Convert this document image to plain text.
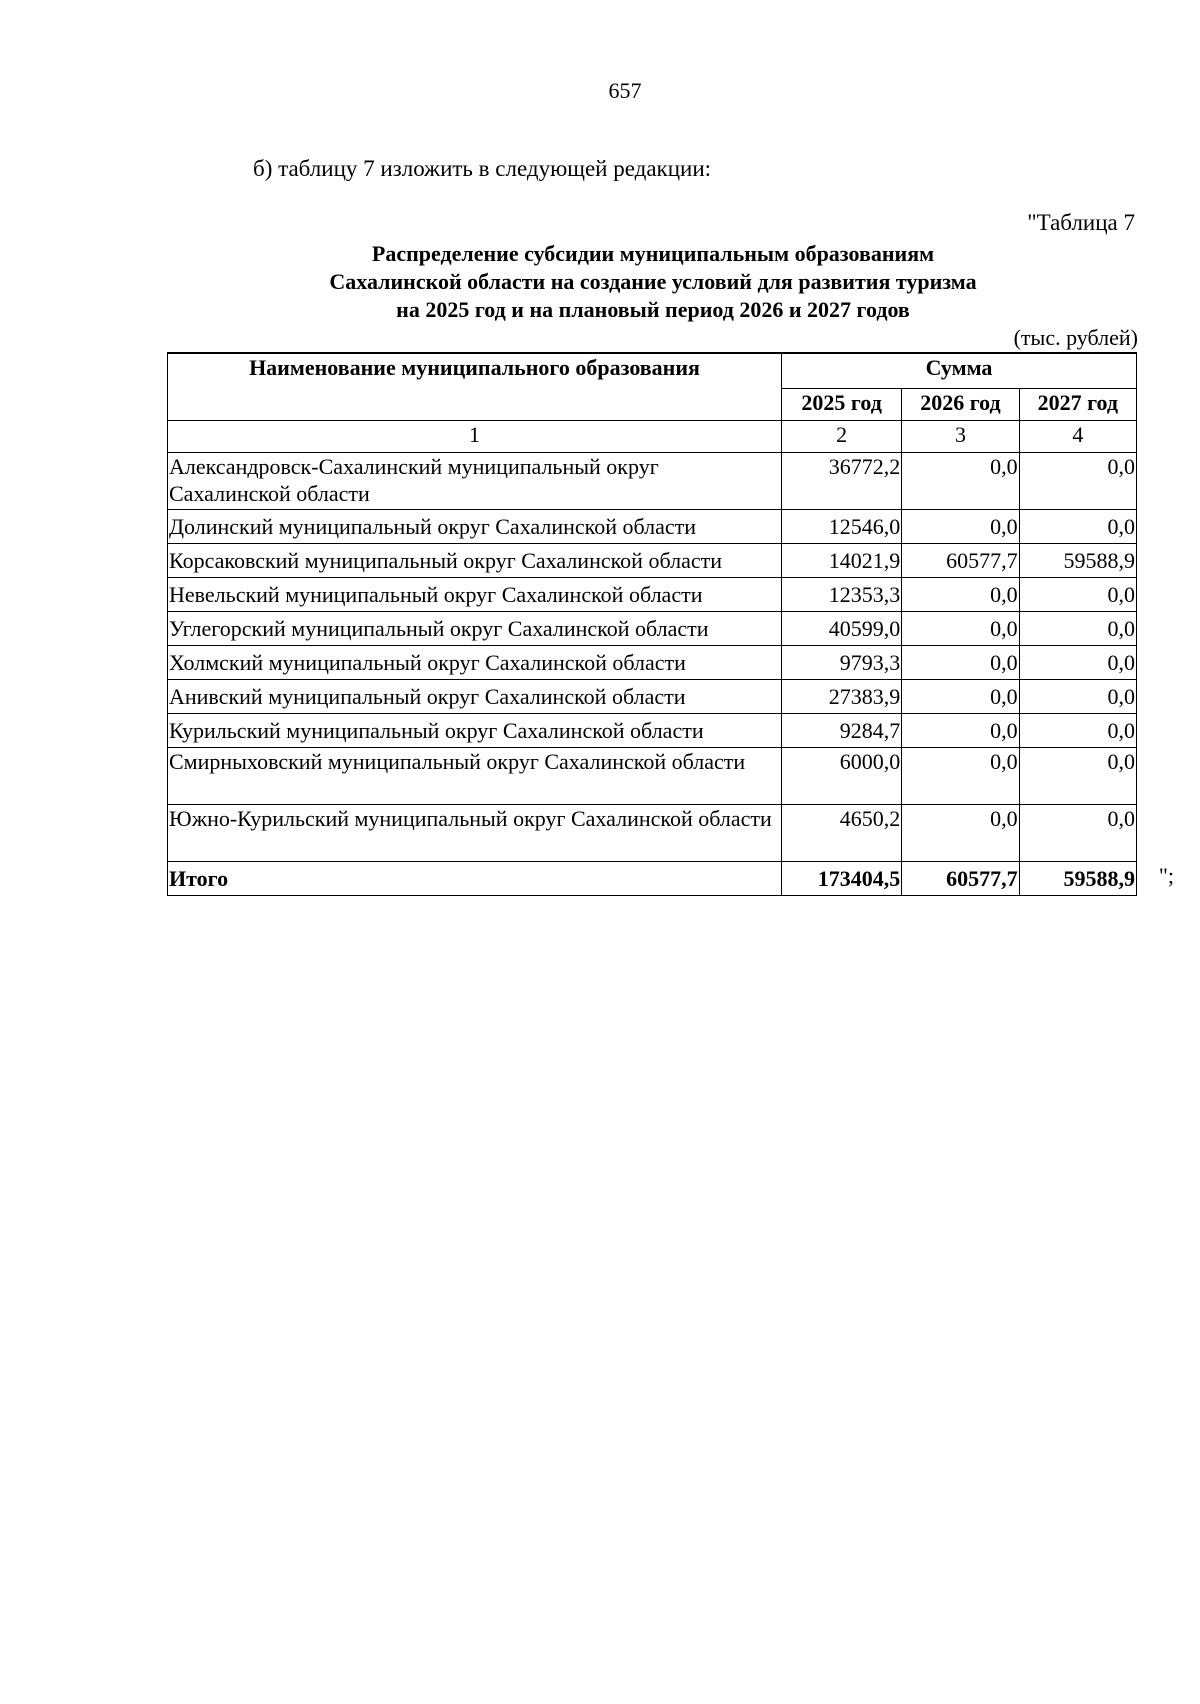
657
б) таблицу 7 изложить в следующей редакции:
"Таблица 7
Распределение субсидии муниципальным образованиям
Сахалинской области на создание условий для развития туризма
на 2025 год и на плановый период 2026 и 2027 годов
(тыс. рублей)
Наименование муниципального образования	Сумма		
	2025 год	2026 год	2027 год
1	2	3	4
Александровск-Сахалинский муниципальный округ Сахалинской области	36772,2	0,0	0,0
Долинский муниципальный округ Сахалинской области	12546,0	0,0	0,0
Корсаковский муниципальный округ Сахалинской области	14021,9	60577,7	59588,9
Невельский муниципальный округ Сахалинской области	12353,3	0,0	0,0
Углегорский муниципальный округ Сахалинской области	40599,0	0,0	0,0
Холмский муниципальный округ Сахалинской области	9793,3	0,0	0,0
Анивский муниципальный округ Сахалинской области	27383,9	0,0	0,0
Курильский муниципальный округ Сахалинской области	9284,7	0,0	0,0
Смирныховский муниципальный округ Сахалинской области	6000,0	0,0	0,0
Южно-Курильский муниципальный округ Сахалинской области	4650,2	0,0	0,0
Итого	173404,5	60577,7	59588,9 ";
